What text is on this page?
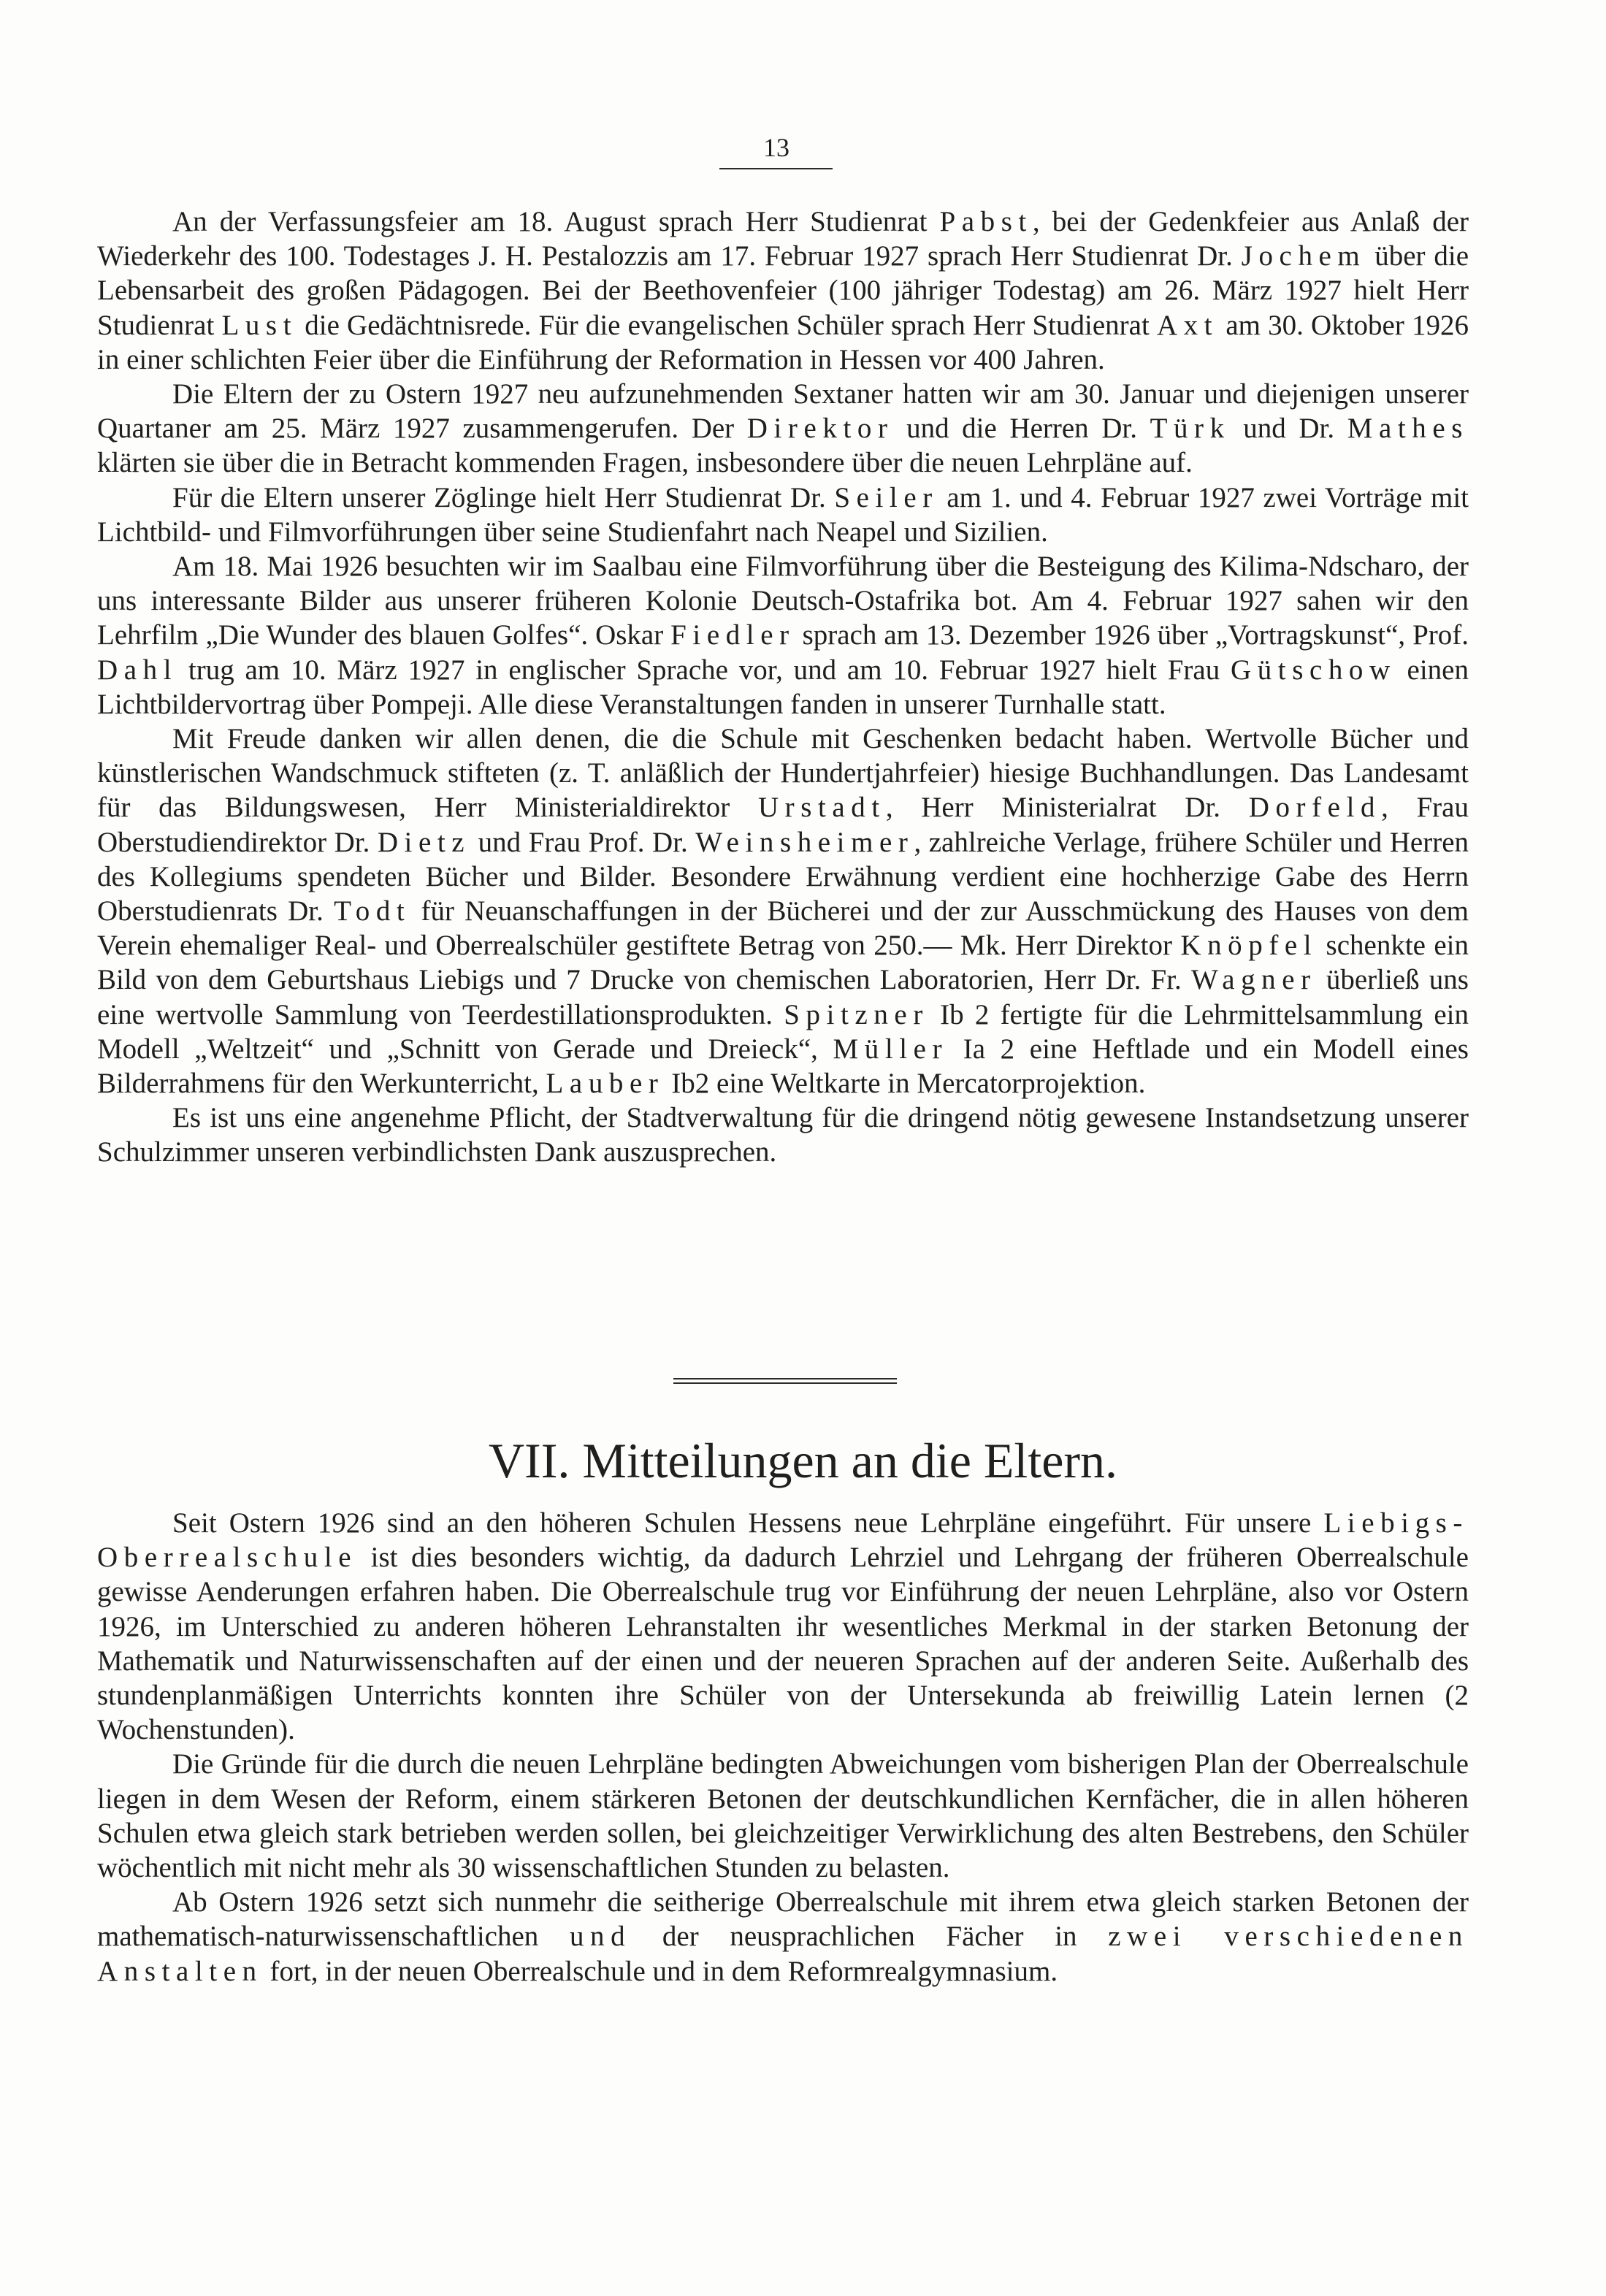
13

An der Verfassungsfeier am 18. August sprach Herr Studienrat Pabst, bei der Gedenkfeier aus Anlaß der Wiederkehr des 100. Todestages J. H. Pestalozzis am 17. Februar 1927 sprach Herr Studienrat Dr. Jochem über die Lebensarbeit des großen Pädagogen. Bei der Beethovenfeier (100 jähriger Todestag) am 26. März 1927 hielt Herr Studienrat Lust die Gedächtnisrede. Für die evangelischen Schüler sprach Herr Studienrat Axt am 30. Oktober 1926 in einer schlichten Feier über die Einführung der Reformation in Hessen vor 400 Jahren.

Die Eltern der zu Ostern 1927 neu aufzunehmenden Sextaner hatten wir am 30. Januar und diejenigen unserer Quartaner am 25. März 1927 zusammengerufen. Der Direktor und die Herren Dr. Türk und Dr. Mathes klärten sie über die in Betracht kommenden Fragen, insbesondere über die neuen Lehrpläne auf.

Für die Eltern unserer Zöglinge hielt Herr Studienrat Dr. Seiler am 1. und 4. Februar 1927 zwei Vorträge mit Lichtbild- und Filmvorführungen über seine Studienfahrt nach Neapel und Sizilien.

Am 18. Mai 1926 besuchten wir im Saalbau eine Filmvorführung über die Besteigung des Kilima-Ndscharo, der uns interessante Bilder aus unserer früheren Kolonie Deutsch-Ostafrika bot. Am 4. Februar 1927 sahen wir den Lehrfilm „Die Wunder des blauen Golfes“. Oskar Fiedler sprach am 13. Dezember 1926 über „Vortragskunst“, Prof. Dahl trug am 10. März 1927 in englischer Sprache vor, und am 10. Februar 1927 hielt Frau Gütschow einen Lichtbildervortrag über Pompeji. Alle diese Veranstaltungen fanden in unserer Turnhalle statt.

Mit Freude danken wir allen denen, die die Schule mit Geschenken bedacht haben. Wertvolle Bücher und künstlerischen Wandschmuck stifteten (z. T. anläßlich der Hundertjahrfeier) hiesige Buchhandlungen. Das Landesamt für das Bildungswesen, Herr Ministerialdirektor Urstadt, Herr Ministerialrat Dr. Dorfeld, Frau Oberstudiendirektor Dr. Dietz und Frau Prof. Dr. Weinsheimer, zahlreiche Verlage, frühere Schüler und Herren des Kollegiums spendeten Bücher und Bilder. Besondere Erwähnung verdient eine hochherzige Gabe des Herrn Oberstudienrats Dr. Todt für Neuanschaffungen in der Bücherei und der zur Ausschmückung des Hauses von dem Verein ehemaliger Real- und Oberrealschüler gestiftete Betrag von 250.— Mk. Herr Direktor Knöpfel schenkte ein Bild von dem Geburtshaus Liebigs und 7 Drucke von chemischen Laboratorien, Herr Dr. Fr. Wagner überließ uns eine wertvolle Sammlung von Teerdestillationsprodukten. Spitzner Ib 2 fertigte für die Lehrmittelsammlung ein Modell „Weltzeit“ und „Schnitt von Gerade und Dreieck“, Müller Ia 2 eine Heftlade und ein Modell eines Bilderrahmens für den Werkunterricht, Lauber Ib2 eine Weltkarte in Mercatorprojektion.

Es ist uns eine angenehme Pflicht, der Stadtverwaltung für die dringend nötig gewesene Instandsetzung unserer Schulzimmer unseren verbindlichsten Dank auszusprechen.

VII. Mitteilungen an die Eltern.

Seit Ostern 1926 sind an den höheren Schulen Hessens neue Lehrpläne eingeführt. Für unsere Liebigs-Oberrealschule ist dies besonders wichtig, da dadurch Lehrziel und Lehrgang der früheren Oberrealschule gewisse Aenderungen erfahren haben. Die Oberrealschule trug vor Einführung der neuen Lehrpläne, also vor Ostern 1926, im Unterschied zu anderen höheren Lehranstalten ihr wesentliches Merkmal in der starken Betonung der Mathematik und Naturwissenschaften auf der einen und der neueren Sprachen auf der anderen Seite. Außerhalb des stundenplanmäßigen Unterrichts konnten ihre Schüler von der Untersekunda ab freiwillig Latein lernen (2 Wochenstunden).

Die Gründe für die durch die neuen Lehrpläne bedingten Abweichungen vom bisherigen Plan der Oberrealschule liegen in dem Wesen der Reform, einem stärkeren Betonen der deutschkundlichen Kernfächer, die in allen höheren Schulen etwa gleich stark betrieben werden sollen, bei gleichzeitiger Verwirklichung des alten Bestrebens, den Schüler wöchentlich mit nicht mehr als 30 wissenschaftlichen Stunden zu belasten.

Ab Ostern 1926 setzt sich nunmehr die seitherige Oberrealschule mit ihrem etwa gleich starken Betonen der mathematisch-naturwissenschaftlichen und der neusprachlichen Fächer in zwei verschiedenen Anstalten fort, in der neuen Oberrealschule und in dem Reformrealgymnasium.
